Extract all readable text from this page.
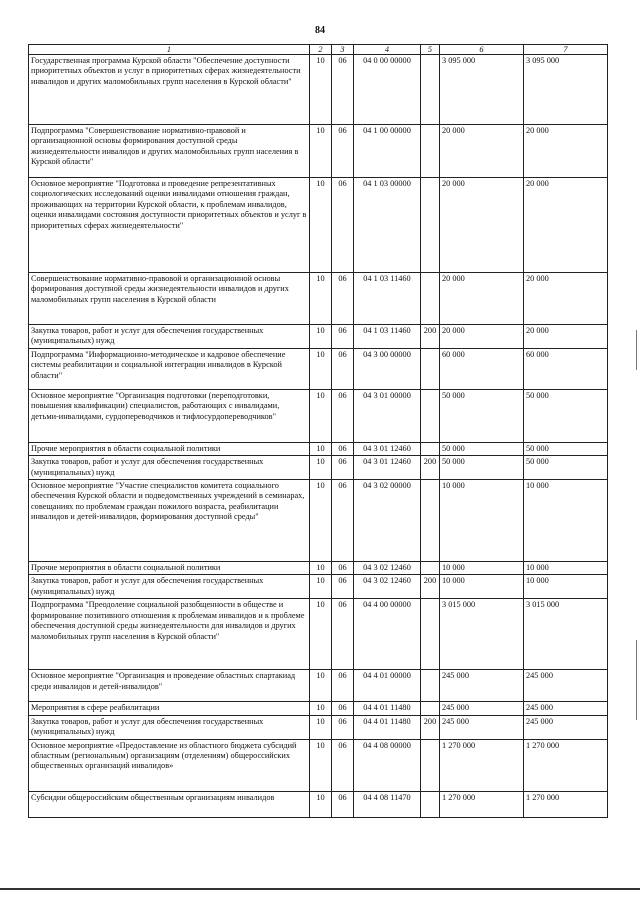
84
1	2	3	4	5	6	7
Государственная программа Курской области "Обеспечение доступности приоритетных объектов и услуг в приоритетных сферах жизнедеятельности инвалидов и других маломобильных групп населения в Курской области"	10	06	04 0 00 00000		3 095 000	3 095 000
Подпрограмма "Совершенствование нормативно-правовой и организационной основы формирования доступной среды жизнедеятельности инвалидов и других маломобильных групп населения в Курской области"	10	06	04 1 00 00000		20 000	20 000
Основное мероприятие "Подготовка и проведение репрезентативных социологических исследований оценки инвалидами отношения граждан, проживающих на территории Курской области, к проблемам инвалидов, оценки инвалидами состояния доступности приоритетных объектов и услуг в приоритетных сферах жизнедеятельности"	10	06	04 1 03 00000		20 000	20 000
Совершенствование нормативно-правовой и организационной основы формирования доступной среды жизнедеятельности инвалидов и других маломобильных групп населения в Курской области	10	06	04 1 03 11460		20 000	20 000
Закупка товаров, работ и услуг для обеспечения государственных (муниципальных) нужд	10	06	04 1 03 11460	200	20 000	20 000
Подпрограмма "Информационно-методическое и кадровое обеспечение системы реабилитации и социальной интеграции инвалидов в Курской области"	10	06	04 3 00 00000		60 000	60 000
Основное мероприятие "Организация подготовки (переподготовки, повышения квалификации) специалистов, работающих с инвалидами, детьми-инвалидами, сурдопереводчиков и тифлосурдопереводчиков"	10	06	04 3 01 00000		50 000	50 000
Прочие мероприятия в области социальной политики	10	06	04 3 01 12460		50 000	50 000
Закупка товаров, работ и услуг для обеспечения государственных (муниципальных) нужд	10	06	04 3 01 12460	200	50 000	50 000
Основное мероприятие "Участие специалистов комитета социального обеспечения Курской области и подведомственных учреждений в семинарах, совещаниях по проблемам граждан пожилого возраста, реабилитации инвалидов и детей-инвалидов, формирования доступной среды"	10	06	04 3 02 00000		10 000	10 000
Прочие мероприятия в области социальной политики	10	06	04 3 02 12460		10 000	10 000
Закупка товаров, работ и услуг для обеспечения государственных (муниципальных) нужд	10	06	04 3 02 12460	200	10 000	10 000
Подпрограмма "Преодоление социальной разобщенности в обществе и формирование позитивного отношения к проблемам инвалидов и к проблеме обеспечения доступной среды жизнедеятельности для инвалидов и других маломобильных групп населения в Курской области"	10	06	04 4 00 00000		3 015 000	3 015 000
Основное мероприятие "Организация и проведение областных спартакиад среди инвалидов и детей-инвалидов"	10	06	04 4 01 00000		245 000	245 000
Мероприятия в сфере реабилитации	10	06	04 4 01 11480		245 000	245 000
Закупка товаров, работ и услуг для обеспечения государственных (муниципальных) нужд	10	06	04 4 01 11480	200	245 000	245 000
Основное мероприятие «Предоставление из областного бюджета субсидий областным (региональным) организациям (отделениям) общероссийских общественных организаций инвалидов»	10	06	04 4 08 00000		1 270 000	1 270 000
Субсидии общероссийским общественным организациям инвалидов	10	06	04 4 08 11470		1 270 000	1 270 000
